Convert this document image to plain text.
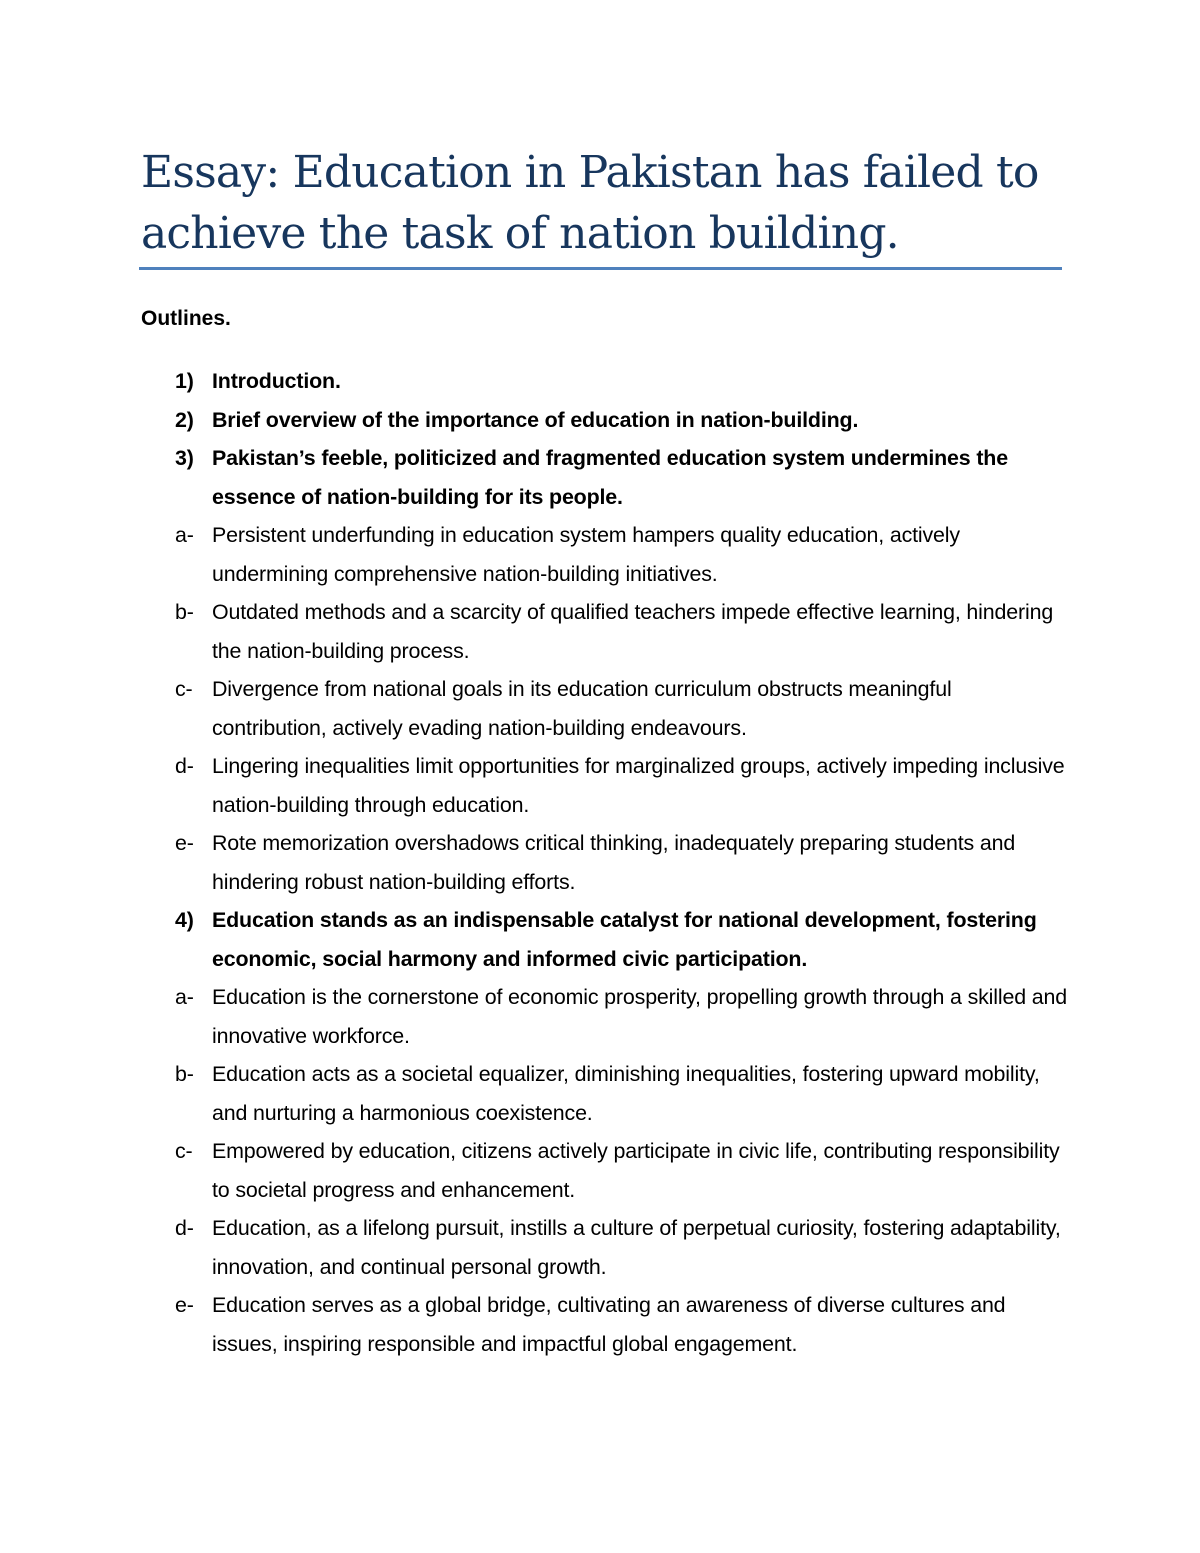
Essay: Education in Pakistan has failed to achieve the task of nation building.
Outlines.
1) Introduction.
2) Brief overview of the importance of education in nation-building.
3) Pakistan’s feeble, politicized and fragmented education system undermines the essence of nation-building for its people.
a- Persistent underfunding in education system hampers quality education, actively undermining comprehensive nation-building initiatives.
b- Outdated methods and a scarcity of qualified teachers impede effective learning, hindering the nation-building process.
c- Divergence from national goals in its education curriculum obstructs meaningful contribution, actively evading nation-building endeavours.
d- Lingering inequalities limit opportunities for marginalized groups, actively impeding inclusive nation-building through education.
e- Rote memorization overshadows critical thinking, inadequately preparing students and hindering robust nation-building efforts.
4) Education stands as an indispensable catalyst for national development, fostering economic, social harmony and informed civic participation.
a- Education is the cornerstone of economic prosperity, propelling growth through a skilled and innovative workforce.
b- Education acts as a societal equalizer, diminishing inequalities, fostering upward mobility, and nurturing a harmonious coexistence.
c- Empowered by education, citizens actively participate in civic life, contributing responsibility to societal progress and enhancement.
d- Education, as a lifelong pursuit, instills a culture of perpetual curiosity, fostering adaptability, innovation, and continual personal growth.
e- Education serves as a global bridge, cultivating an awareness of diverse cultures and issues, inspiring responsible and impactful global engagement.
